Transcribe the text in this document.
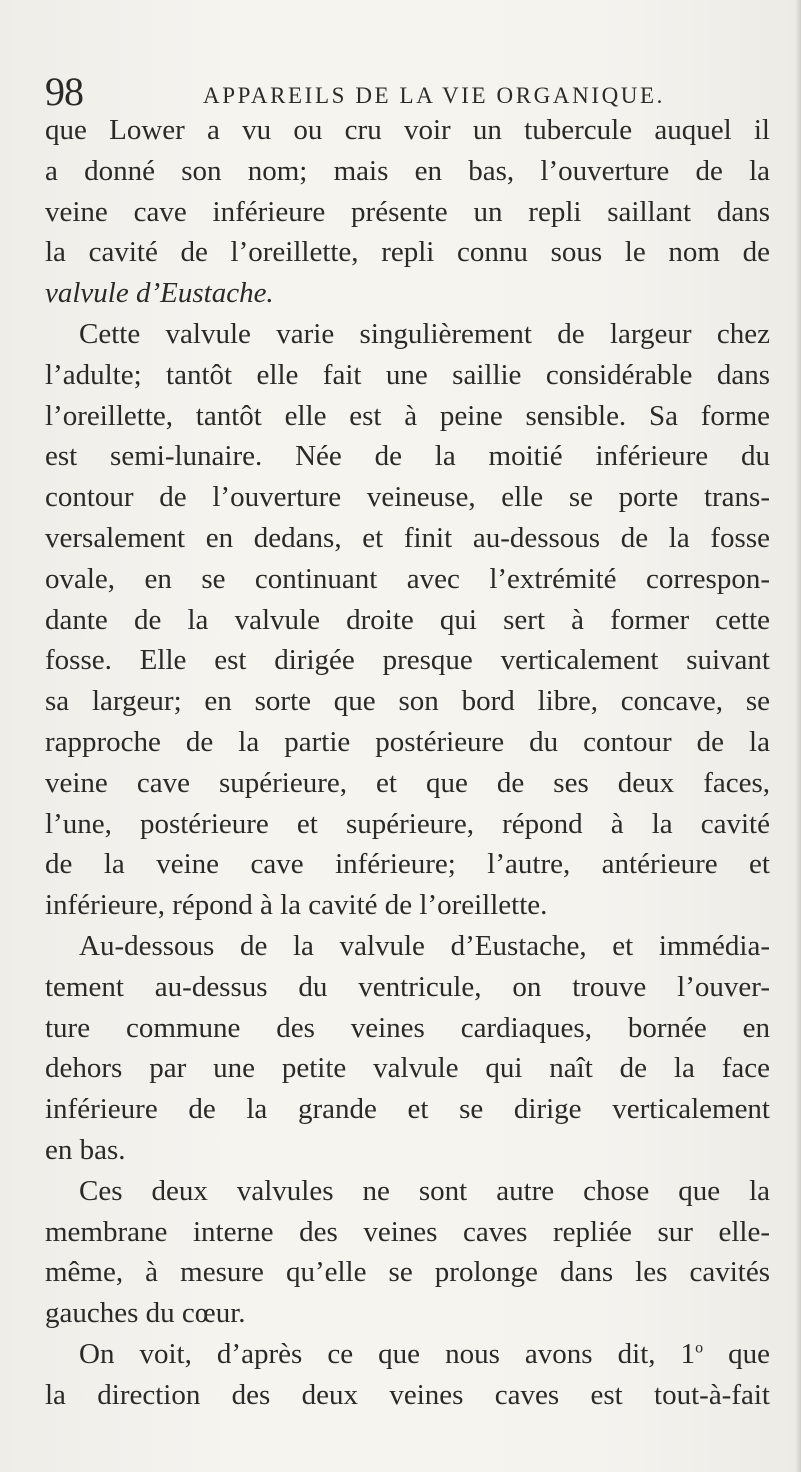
98	APPAREILS DE LA VIE ORGANIQUE.
que Lower a vu ou cru voir un tubercule auquel il
a donné son nom; mais en bas, l’ouverture de la
veine cave inférieure présente un repli saillant dans
la cavité de l’oreillette, repli connu sous le nom de
valvule d’Eustache.
Cette valvule varie singulièrement de largeur chez
l’adulte; tantôt elle fait une saillie considérable dans
l’oreillette, tantôt elle est à peine sensible. Sa forme
est semi-lunaire. Née de la moitié inférieure du
contour de l’ouverture veineuse, elle se porte trans-
versalement en dedans, et finit au-dessous de la fosse
ovale, en se continuant avec l’extrémité correspon-
dante de la valvule droite qui sert à former cette
fosse. Elle est dirigée presque verticalement suivant
sa largeur; en sorte que son bord libre, concave, se
rapproche de la partie postérieure du contour de la
veine cave supérieure, et que de ses deux faces,
l’une, postérieure et supérieure, répond à la cavité
de la veine cave inférieure; l’autre, antérieure et
inférieure, répond à la cavité de l’oreillette.
Au-dessous de la valvule d’Eustache, et immédia-
tement au-dessus du ventricule, on trouve l’ouver-
ture commune des veines cardiaques, bornée en
dehors par une petite valvule qui naît de la face
inférieure de la grande et se dirige verticalement
en bas.
Ces deux valvules ne sont autre chose que la
membrane interne des veines caves repliée sur elle-
même, à mesure qu’elle se prolonge dans les cavités
gauches du cœur.
On voit, d’après ce que nous avons dit, 1$^o$ que
la direction des deux veines caves est tout-à-fait
